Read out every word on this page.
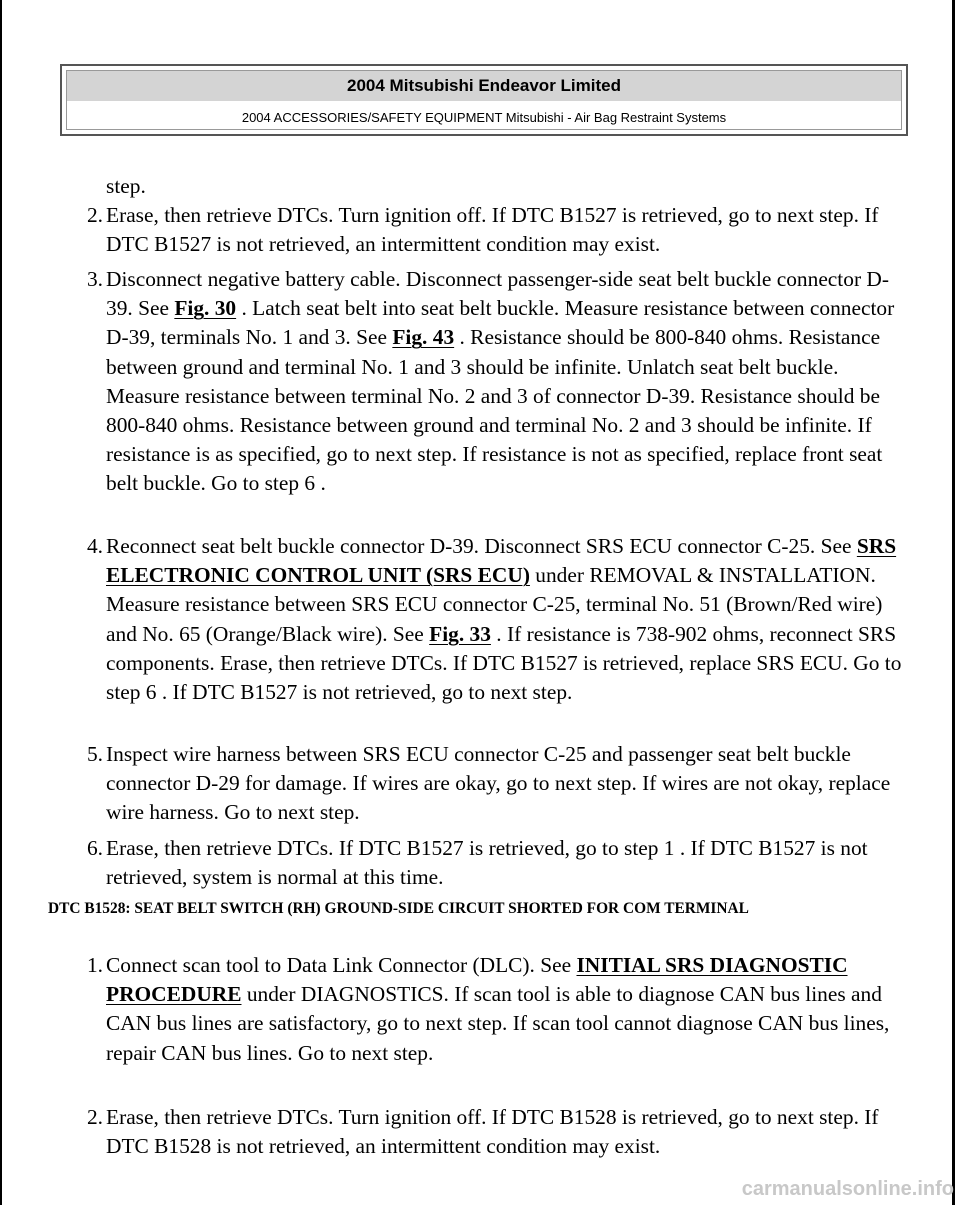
2004 Mitsubishi Endeavor Limited
2004 ACCESSORIES/SAFETY EQUIPMENT Mitsubishi - Air Bag Restraint Systems
step.
2. Erase, then retrieve DTCs. Turn ignition off. If DTC B1527 is retrieved, go to next step. If DTC B1527 is not retrieved, an intermittent condition may exist.
3. Disconnect negative battery cable. Disconnect passenger-side seat belt buckle connector D-39. See Fig. 30 . Latch seat belt into seat belt buckle. Measure resistance between connector D-39, terminals No. 1 and 3. See Fig. 43 . Resistance should be 800-840 ohms. Resistance between ground and terminal No. 1 and 3 should be infinite. Unlatch seat belt buckle. Measure resistance between terminal No. 2 and 3 of connector D-39. Resistance should be 800-840 ohms. Resistance between ground and terminal No. 2 and 3 should be infinite. If resistance is as specified, go to next step. If resistance is not as specified, replace front seat belt buckle. Go to step 6 .
4. Reconnect seat belt buckle connector D-39. Disconnect SRS ECU connector C-25. See SRS ELECTRONIC CONTROL UNIT (SRS ECU) under REMOVAL & INSTALLATION. Measure resistance between SRS ECU connector C-25, terminal No. 51 (Brown/Red wire) and No. 65 (Orange/Black wire). See Fig. 33 . If resistance is 738-902 ohms, reconnect SRS components. Erase, then retrieve DTCs. If DTC B1527 is retrieved, replace SRS ECU. Go to step 6 . If DTC B1527 is not retrieved, go to next step.
5. Inspect wire harness between SRS ECU connector C-25 and passenger seat belt buckle connector D-29 for damage. If wires are okay, go to next step. If wires are not okay, replace wire harness. Go to next step.
6. Erase, then retrieve DTCs. If DTC B1527 is retrieved, go to step 1 . If DTC B1527 is not retrieved, system is normal at this time.
DTC B1528: SEAT BELT SWITCH (RH) GROUND-SIDE CIRCUIT SHORTED FOR COM TERMINAL
1. Connect scan tool to Data Link Connector (DLC). See INITIAL SRS DIAGNOSTIC PROCEDURE under DIAGNOSTICS. If scan tool is able to diagnose CAN bus lines and CAN bus lines are satisfactory, go to next step. If scan tool cannot diagnose CAN bus lines, repair CAN bus lines. Go to next step.
2. Erase, then retrieve DTCs. Turn ignition off. If DTC B1528 is retrieved, go to next step. If DTC B1528 is not retrieved, an intermittent condition may exist.
carmanualsonline.info
